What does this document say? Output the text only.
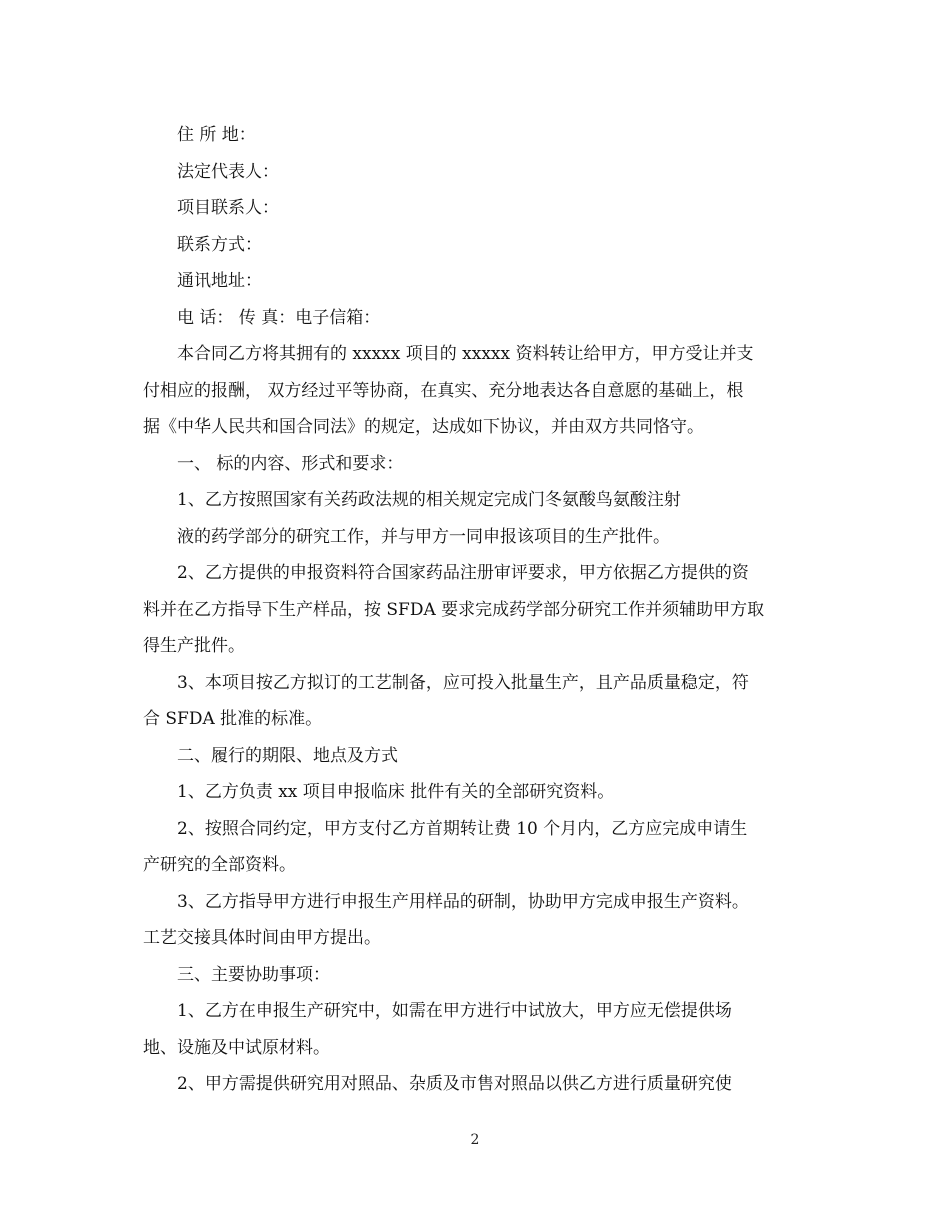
住 所 地：
法定代表人：
项目联系人：
联系方式：
通讯地址：
电 话： 传 真：电子信箱：
本合同乙方将其拥有的 xxxxx 项目的 xxxxx 资料转让给甲方，甲方受让并支
付相应的报酬， 双方经过平等协商，在真实、充分地表达各自意愿的基础上，根
据《中华人民共和国合同法》的规定，达成如下协议，并由双方共同恪守。
一、 标的内容、形式和要求：
1、乙方按照国家有关药政法规的相关规定完成门冬氨酸鸟氨酸注射
液的药学部分的研究工作，并与甲方一同申报该项目的生产批件。
2、乙方提供的申报资料符合国家药品注册审评要求，甲方依据乙方提供的资
料并在乙方指导下生产样品，按 SFDA 要求完成药学部分研究工作并须辅助甲方取
得生产批件。
3、本项目按乙方拟订的工艺制备，应可投入批量生产，且产品质量稳定，符
合 SFDA 批准的标准。
二、履行的期限、地点及方式
1、乙方负责 xx 项目申报临床 批件有关的全部研究资料。
2、按照合同约定，甲方支付乙方首期转让费 10 个月内，乙方应完成申请生
产研究的全部资料。
3、乙方指导甲方进行申报生产用样品的研制，协助甲方完成申报生产资料。
工艺交接具体时间由甲方提出。
三、主要协助事项：
1、乙方在申报生产研究中，如需在甲方进行中试放大，甲方应无偿提供场
地、设施及中试原材料。
2、甲方需提供研究用对照品、杂质及市售对照品以供乙方进行质量研究使
2
